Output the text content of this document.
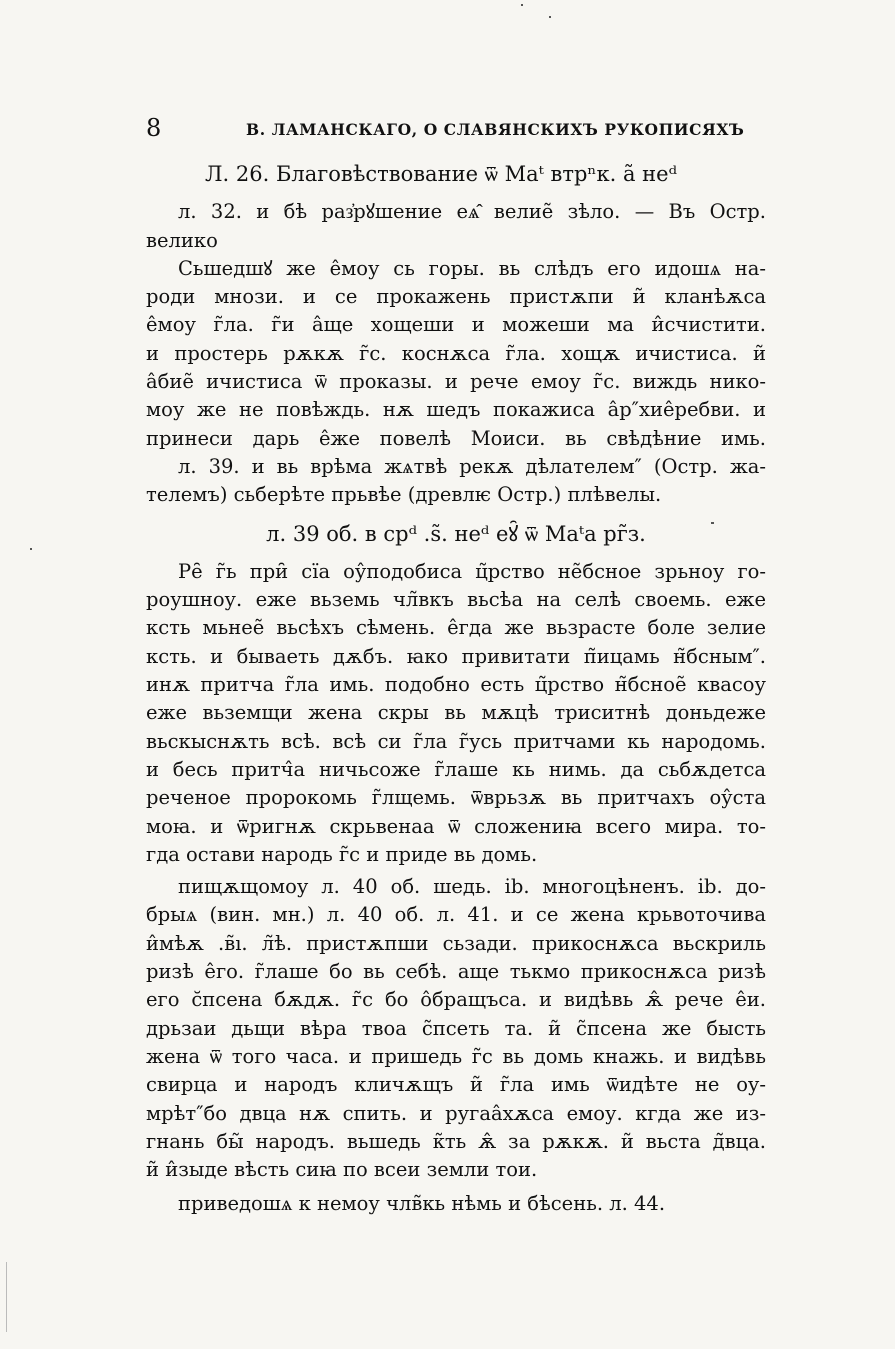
8	В. ЛАМАНСКАГО, О СЛАВЯНСКИХЪ РУКОПИСЯХЪ
Л. 26. Благовѣствование ѿ Маᵗ втрⁿк. а̃ неᵈ
л. 32. и бѣ раз҆рꙋшение еѧ̂ велие̃ зѣло. — Въ Остр.
велико
Сьшедшꙋ же е̂моу сь горы. вь слѣдъ его идошѧ на-
роди мнози. и се прокажень пристѫпи и̃ кланѣѫса
е̂моу г̃ла. г̃и а̂ще хощеши и можеши ма и̂счистити.
и простерь рѫкѫ г̃с. коснѫса г̃ла. хощѫ ичистиса. и̃
а̂бие̃ ичистиса ѿ проказы. и рече емоу г̃с. виждь нико-
моу же не повѣждь. нѫ шедъ покажиса а̂р″хие̂ребви. и
принеси дарь е̂же повелѣ Моиси. вь свѣдѣние имь.
л. 39. и вь врѣма жѧтвѣ рекѫ дѣлателем″ (Остр. жа-
телемъ) сьберѣте прьвѣе (древлѥ Остр.) плѣвелы.
л. 39 об. в срᵈ .ѕ̃. неᵈ еꙋ̑ ѿ Маᵗа рг̃з.
Ре̑ г̃ь при̑ сїа оу̂подобиса ц̃рство не̃бсное зрьноу го-
роушноу. еже вьземь чл̃вкъ вьсѣа на селѣ своемь. еже
ксть мьнее̃ вьсѣхъ сѣмень. е̂гда же вьзрасте боле зелие
ксть. и бываеть дѫбъ. ꙗко привитати п̃ицамь н̃бсным″.
инѫ притча г̃ла имь. подобно есть ц̃рство н̃бсное̃ квасоу
еже вьземщи жена скры вь мѫцѣ триситнѣ доньдеже
вьскыснѫть всѣ. всѣ си г̃ла г̃усь притчами кь народомь.
и бесь притч̂а ничьсоже г̃лаше кь нимь. да сьбѫдетса
реченое пророкомь г̃лщемь. ѿврьзѫ вь притчахъ оу̂ста
моꙗ. и ѿригнѫ скрьвенаа ѿ сложениꙗ всего мира. то-
гда остави народь г̃с и приде вь домь.
пищѫщомоу л. 40 об. шедь. ib. многоцѣненъ. ib. до-
брыѧ (вин. мн.) л. 40 об. л. 41. и се жена крьвоточива
и̂мѣѫ .в̃ı. л̃ѣ. пристѫпши сьзади. прикоснѫса вьскриль
ризѣ е̂го. г̃лаше бо вь себѣ. аще тькмо прикоснѫса ризѣ
его с̆псена бѫдѫ. г̃с бо о̂бращъса. и видѣвь ѫ̂ рече е̂и.
дрьзаи дьщи вѣра твоа с̃псеть та. и̃ с̃псена же бысть
жена ѿ того часа. и пришедь г̃с вь домь кнажь. и видѣвь
свирца и народъ кличѫщъ и̃ г̃ла имь ѿидѣте не оу-
мрѣт″бо двца нѫ спить. и ругаа̂хѫса емоу. кгда же из-
гнань бы̃ народъ. вьшедь к̃ть ѫ̂ за рѫкѫ. и̃ вьста д̃вца.
и̃ и̂зыде вѣсть сиꙗ по всеи земли тои.
приведошѧ к немоу члв̃кь нѣмь и бѣсень. л. 44.
